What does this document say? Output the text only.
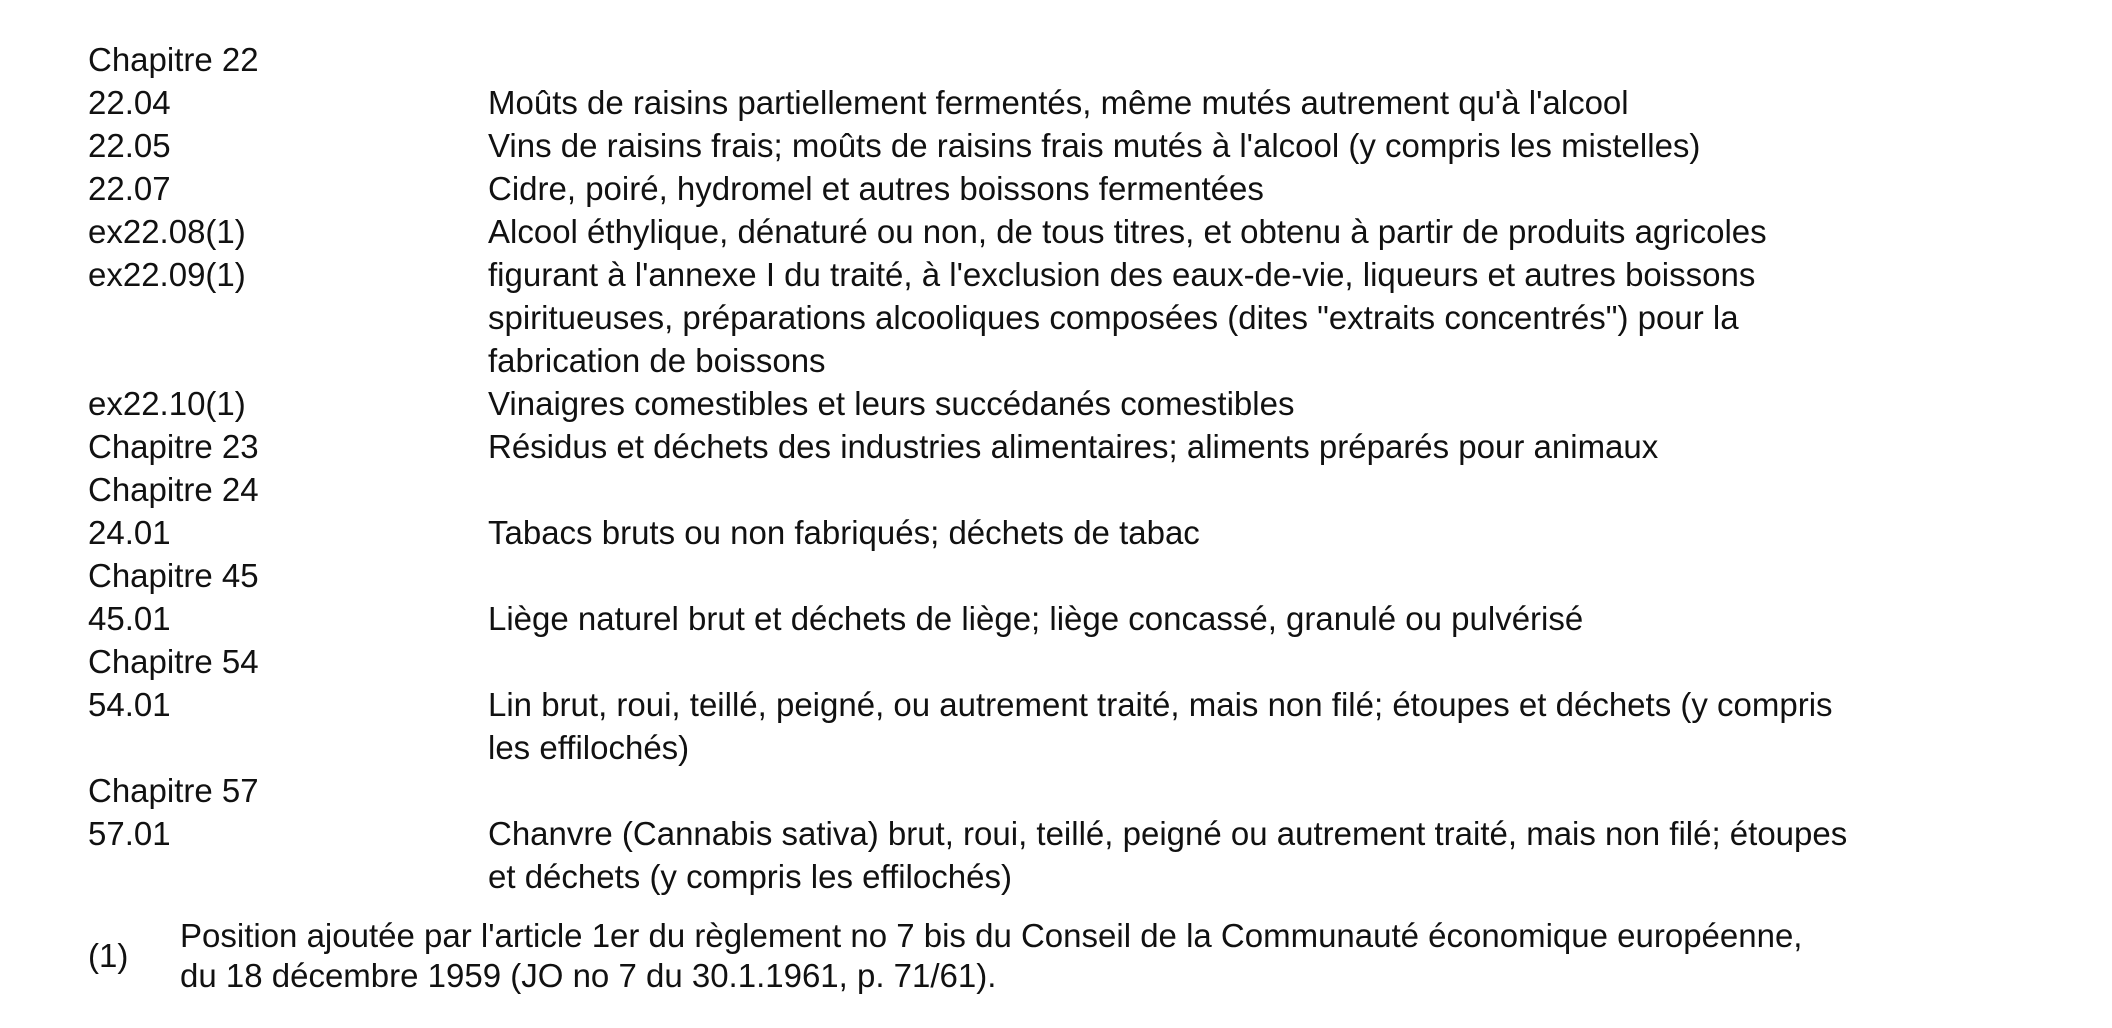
Chapitre 22
22.04	Moûts de raisins partiellement fermentés, même mutés autrement qu'à l'alcool
22.05	Vins de raisins frais; moûts de raisins frais mutés à l'alcool (y compris les mistelles)
22.07	Cidre, poiré, hydromel et autres boissons fermentées
ex22.08(1)	Alcool éthylique, dénaturé ou non, de tous titres, et obtenu à partir de produits agricoles
ex22.09(1)	figurant à l'annexe I du traité, à l'exclusion des eaux-de-vie, liqueurs et autres boissons
spiritueuses, préparations alcooliques composées (dites "extraits concentrés") pour la
fabrication de boissons
ex22.10(1)	Vinaigres comestibles et leurs succédanés comestibles
Chapitre 23	Résidus et déchets des industries alimentaires; aliments préparés pour animaux
Chapitre 24
24.01	Tabacs bruts ou non fabriqués; déchets de tabac
Chapitre 45
45.01	Liège naturel brut et déchets de liège; liège concassé, granulé ou pulvérisé
Chapitre 54
54.01	Lin brut, roui, teillé, peigné, ou autrement traité, mais non filé; étoupes et déchets (y compris
les effilochés)
Chapitre 57
57.01	Chanvre (Cannabis sativa) brut, roui, teillé, peigné ou autrement traité, mais non filé; étoupes
et déchets (y compris les effilochés)
(1)
Position ajoutée par l'article 1er du règlement no 7 bis du Conseil de la Communauté économique européenne,
du 18 décembre 1959 (JO no 7 du 30.1.1961, p. 71/61).
